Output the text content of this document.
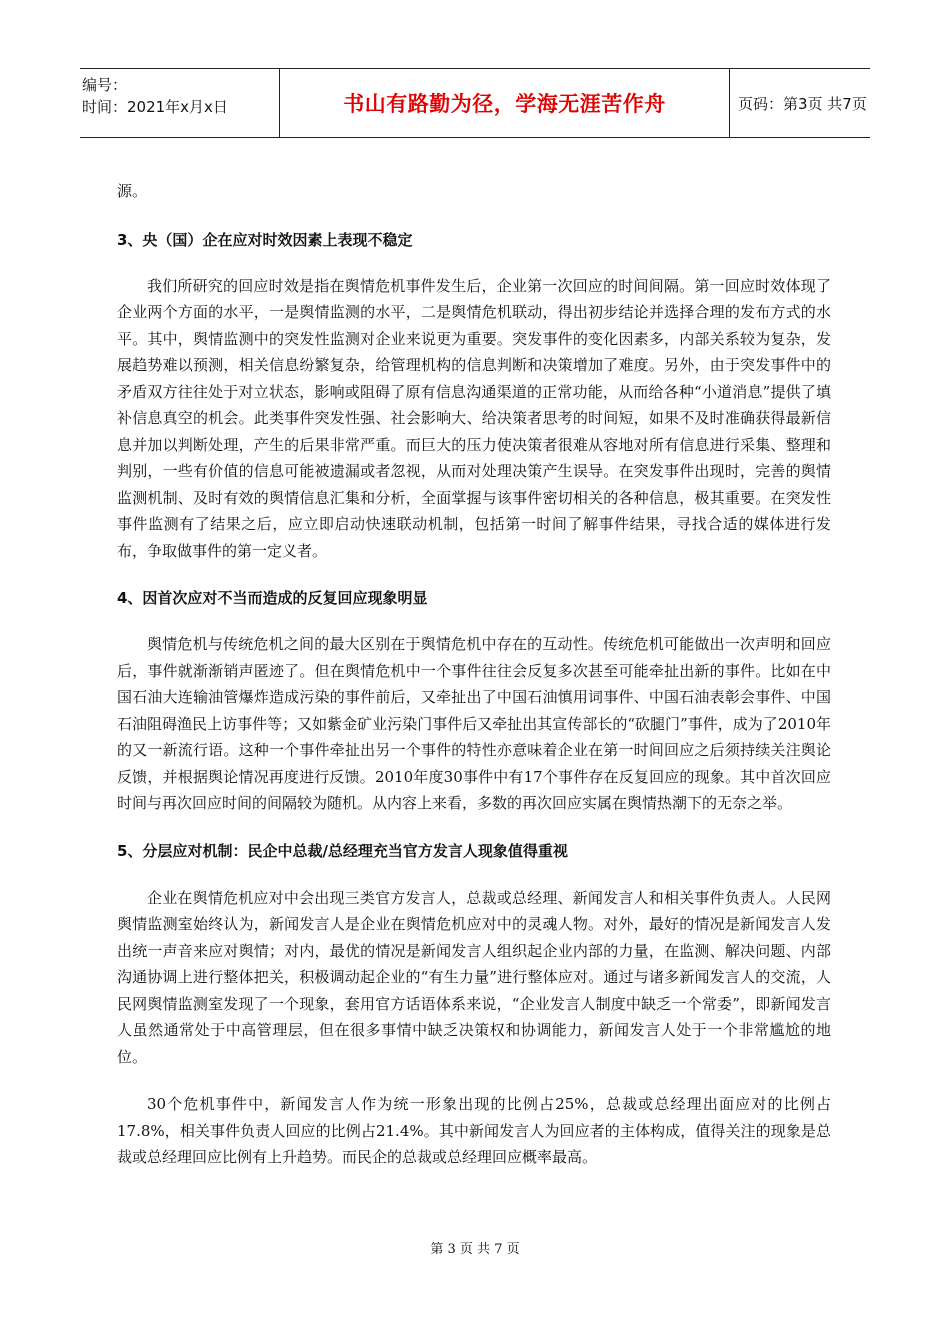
编号：
时间：2021年x月x日	书山有路勤为径，学海无涯苦作舟	页码：第3页 共7页

源。

3、央（国）企在应对时效因素上表现不稳定

我们所研究的回应时效是指在舆情危机事件发生后，企业第一次回应的时间间隔。第一回应时效体现了企业两个方面的水平，一是舆情监测的水平，二是舆情危机联动，得出初步结论并选择合理的发布方式的水平。其中，舆情监测中的突发性监测对企业来说更为重要。突发事件的变化因素多，内部关系较为复杂，发展趋势难以预测，相关信息纷繁复杂，给管理机构的信息判断和决策增加了难度。另外，由于突发事件中的矛盾双方往往处于对立状态，影响或阻碍了原有信息沟通渠道的正常功能，从而给各种“小道消息”提供了填补信息真空的机会。此类事件突发性强、社会影响大、给决策者思考的时间短，如果不及时准确获得最新信息并加以判断处理，产生的后果非常严重。而巨大的压力使决策者很难从容地对所有信息进行采集、整理和判别，一些有价值的信息可能被遗漏或者忽视，从而对处理决策产生误导。在突发事件出现时，完善的舆情监测机制、及时有效的舆情信息汇集和分析，全面掌握与该事件密切相关的各种信息，极其重要。在突发性事件监测有了结果之后，应立即启动快速联动机制，包括第一时间了解事件结果，寻找合适的媒体进行发布，争取做事件的第一定义者。

4、因首次应对不当而造成的反复回应现象明显

舆情危机与传统危机之间的最大区别在于舆情危机中存在的互动性。传统危机可能做出一次声明和回应后，事件就渐渐销声匿迹了。但在舆情危机中一个事件往往会反复多次甚至可能牵扯出新的事件。比如在中国石油大连输油管爆炸造成污染的事件前后，又牵扯出了中国石油慎用词事件、中国石油表彰会事件、中国石油阻碍渔民上访事件等；又如紫金矿业污染门事件后又牵扯出其宣传部长的“砍腿门”事件，成为了2010年的又一新流行语。这种一个事件牵扯出另一个事件的特性亦意味着企业在第一时间回应之后须持续关注舆论反馈，并根据舆论情况再度进行反馈。2010年度30事件中有17个事件存在反复回应的现象。其中首次回应时间与再次回应时间的间隔较为随机。从内容上来看，多数的再次回应实属在舆情热潮下的无奈之举。

5、分层应对机制：民企中总裁/总经理充当官方发言人现象值得重视

企业在舆情危机应对中会出现三类官方发言人，总裁或总经理、新闻发言人和相关事件负责人。人民网舆情监测室始终认为，新闻发言人是企业在舆情危机应对中的灵魂人物。对外，最好的情况是新闻发言人发出统一声音来应对舆情；对内，最优的情况是新闻发言人组织起企业内部的力量，在监测、解决问题、内部沟通协调上进行整体把关，积极调动起企业的“有生力量”进行整体应对。通过与诸多新闻发言人的交流，人民网舆情监测室发现了一个现象，套用官方话语体系来说，“企业发言人制度中缺乏一个常委”，即新闻发言人虽然通常处于中高管理层，但在很多事情中缺乏决策权和协调能力，新闻发言人处于一个非常尴尬的地位。

30个危机事件中，新闻发言人作为统一形象出现的比例占25%，总裁或总经理出面应对的比例占17.8%，相关事件负责人回应的比例占21.4%。其中新闻发言人为回应者的主体构成，值得关注的现象是总裁或总经理回应比例有上升趋势。而民企的总裁或总经理回应概率最高。

第 3 页 共 7 页
